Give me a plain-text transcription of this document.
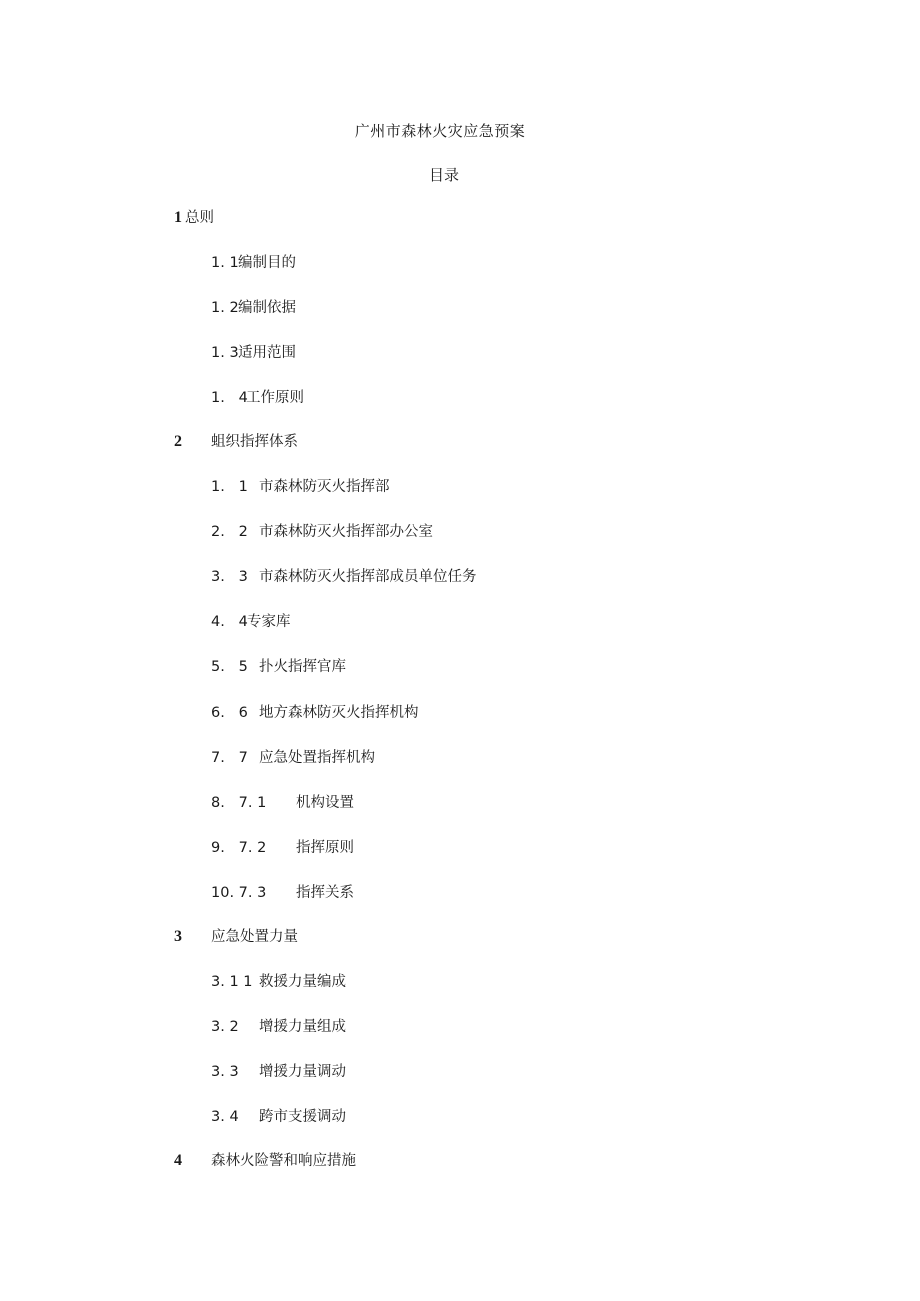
广州市森林火灾应急预案
目录
1 总则
1. 1 编制目的
1. 2 编制依据
1. 3 适用范围
1.   4
工作原则
2 蛆织指挥体系
1.   1 市森林防灭火指挥部
2.   2 市森林防灭火指挥部办公室
3.   3 市森林防灭火指挥部成员单位任务
4.   4 专家库
5.   5 扑火指挥官库
6.   6 地方森林防灭火指挥机构
7.   7 应急处置指挥机构
8.   7. 1 机构设置
9.   7. 2 指挥原则
10. 7. 3 指挥关系
3 应急处置力量
3. 1 1 救援力量编成
3. 2 增援力量组成
3. 3 增援力量调动
3. 4 跨市支援调动
4 森林火险警和响应措施
